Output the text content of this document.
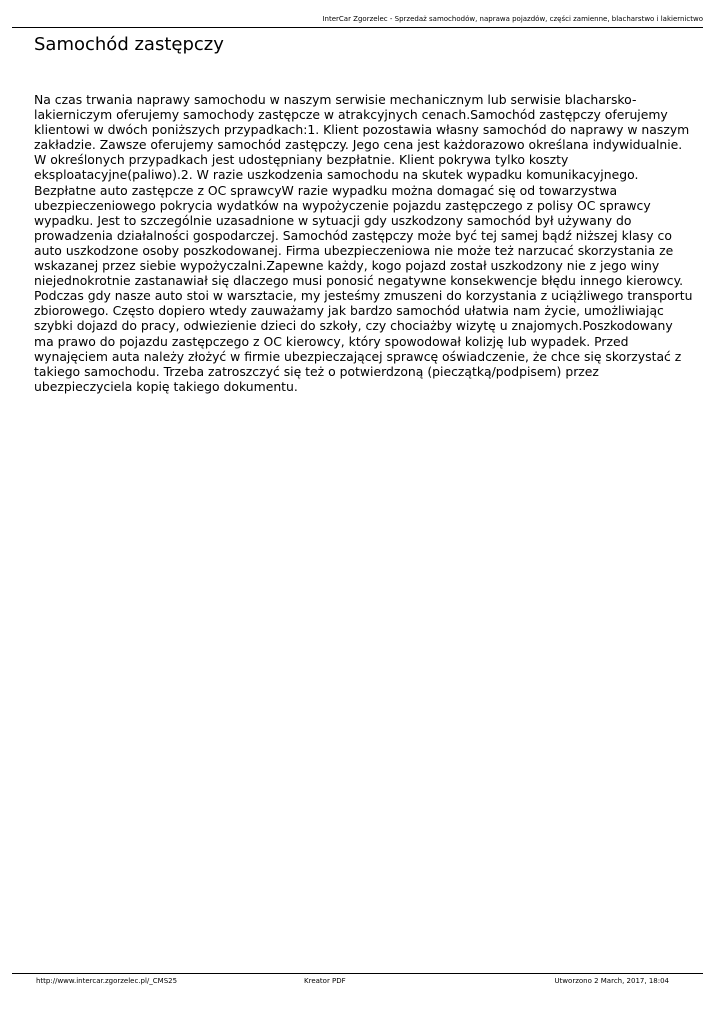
InterCar Zgorzelec - Sprzedaż samochodów, naprawa pojazdów, części zamienne, blacharstwo i lakiernictwo
Samochód zastępczy
Na czas trwania naprawy samochodu w naszym serwisie mechanicznym lub serwisie blacharsko-
lakierniczym oferujemy samochody zastępcze w atrakcyjnych cenach.Samochód zastępczy oferujemy
klientowi w dwóch poniższych przypadkach:1. Klient pozostawia własny samochód do naprawy w naszym
zakładzie. Zawsze oferujemy samochód zastępczy. Jego cena jest każdorazowo określana indywidualnie.
W określonych przypadkach jest udostępniany bezpłatnie. Klient pokrywa tylko koszty
eksploatacyjne(paliwo).2. W razie uszkodzenia samochodu na skutek wypadku komunikacyjnego.
Bezpłatne auto zastępcze z OC sprawcyW razie wypadku można domagać się od towarzystwa
ubezpieczeniowego pokrycia wydatków na wypożyczenie pojazdu zastępczego z polisy OC sprawcy
wypadku. Jest to szczególnie uzasadnione w sytuacji gdy uszkodzony samochód był używany do
prowadzenia działalności gospodarczej. Samochód zastępczy może być tej samej bądź niższej klasy co
auto uszkodzone osoby poszkodowanej. Firma ubezpieczeniowa nie może też narzucać skorzystania ze
wskazanej przez siebie wypożyczalni.Zapewne każdy, kogo pojazd został uszkodzony nie z jego winy
niejednokrotnie zastanawiał się dlaczego musi ponosić negatywne konsekwencje błędu innego kierowcy.
Podczas gdy nasze auto stoi w warsztacie, my jesteśmy zmuszeni do korzystania z uciążliwego transportu
zbiorowego. Często dopiero wtedy zauważamy jak bardzo samochód ułatwia nam życie, umożliwiając
szybki dojazd do pracy, odwiezienie dzieci do szkoły, czy chociażby wizytę u znajomych.Poszkodowany
ma prawo do pojazdu zastępczego z OC kierowcy, który spowodował kolizję lub wypadek. Przed
wynajęciem auta należy złożyć w firmie ubezpieczającej sprawcę oświadczenie, że chce się skorzystać z
takiego samochodu. Trzeba zatroszczyć się też o potwierdzoną (pieczątką/podpisem) przez
ubezpieczyciela kopię takiego dokumentu.
http://www.intercar.zgorzelec.pl/_CMS25	Kreator PDF	Utworzono 2 March, 2017, 18:04
